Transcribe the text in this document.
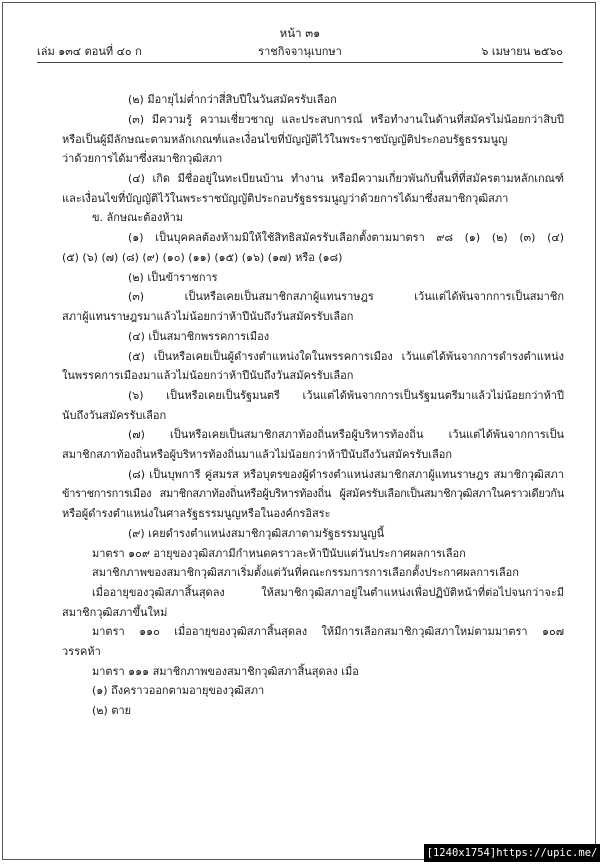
หน้า ๓๑
เล่ม ๑๓๔ ตอนที่ ๔๐ ก	ราชกิจจานุเบกษา	๖ เมษายน ๒๕๖๐
(๒) มีอายุไม่ต่ำกว่าสี่สิบปีในวันสมัครรับเลือก
(๓) มีความรู้ ความเชี่ยวชาญ และประสบการณ์ หรือทำงานในด้านที่สมัครไม่น้อยกว่าสิบปี
หรือเป็นผู้มีลักษณะตามหลักเกณฑ์และเงื่อนไขที่บัญญัติไว้ในพระราชบัญญัติประกอบรัฐธรรมนูญ
ว่าด้วยการได้มาซึ่งสมาชิกวุฒิสภา
(๔) เกิด มีชื่ออยู่ในทะเบียนบ้าน ทำงาน หรือมีความเกี่ยวพันกับพื้นที่ที่สมัครตามหลักเกณฑ์
และเงื่อนไขที่บัญญัติไว้ในพระราชบัญญัติประกอบรัฐธรรมนูญว่าด้วยการได้มาซึ่งสมาชิกวุฒิสภา
ข. ลักษณะต้องห้าม
(๑) เป็นบุคคลต้องห้ามมิให้ใช้สิทธิสมัครรับเลือกตั้งตามมาตรา ๙๘ (๑) (๒) (๓) (๔)
(๕) (๖) (๗) (๘) (๙) (๑๐) (๑๑) (๑๕) (๑๖) (๑๗) หรือ (๑๘)
(๒) เป็นข้าราชการ
(๓) เป็นหรือเคยเป็นสมาชิกสภาผู้แทนราษฎร เว้นแต่ได้พ้นจากการเป็นสมาชิก
สภาผู้แทนราษฎรมาแล้วไม่น้อยกว่าห้าปีนับถึงวันสมัครรับเลือก
(๔) เป็นสมาชิกพรรคการเมือง
(๕) เป็นหรือเคยเป็นผู้ดำรงตำแหน่งใดในพรรคการเมือง เว้นแต่ได้พ้นจากการดำรงตำแหน่ง
ในพรรคการเมืองมาแล้วไม่น้อยกว่าห้าปีนับถึงวันสมัครรับเลือก
(๖) เป็นหรือเคยเป็นรัฐมนตรี เว้นแต่ได้พ้นจากการเป็นรัฐมนตรีมาแล้วไม่น้อยกว่าห้าปี
นับถึงวันสมัครรับเลือก
(๗) เป็นหรือเคยเป็นสมาชิกสภาท้องถิ่นหรือผู้บริหารท้องถิ่น เว้นแต่ได้พ้นจากการเป็น
สมาชิกสภาท้องถิ่นหรือผู้บริหารท้องถิ่นมาแล้วไม่น้อยกว่าห้าปีนับถึงวันสมัครรับเลือก
(๘) เป็นบุพการี คู่สมรส หรือบุตรของผู้ดำรงตำแหน่งสมาชิกสภาผู้แทนราษฎร สมาชิกวุฒิสภา
ข้าราชการการเมือง สมาชิกสภาท้องถิ่นหรือผู้บริหารท้องถิ่น ผู้สมัครรับเลือกเป็นสมาชิกวุฒิสภาในคราวเดียวกัน
หรือผู้ดำรงตำแหน่งในศาลรัฐธรรมนูญหรือในองค์กรอิสระ
(๙) เคยดำรงตำแหน่งสมาชิกวุฒิสภาตามรัฐธรรมนูญนี้
มาตรา ๑๐๙ อายุของวุฒิสภามีกำหนดคราวละห้าปีนับแต่วันประกาศผลการเลือก
สมาชิกภาพของสมาชิกวุฒิสภาเริ่มตั้งแต่วันที่คณะกรรมการการเลือกตั้งประกาศผลการเลือก
เมื่ออายุของวุฒิสภาสิ้นสุดลง ให้สมาชิกวุฒิสภาอยู่ในตำแหน่งเพื่อปฏิบัติหน้าที่ต่อไปจนกว่าจะมี
สมาชิกวุฒิสภาขึ้นใหม่
มาตรา ๑๑๐ เมื่ออายุของวุฒิสภาสิ้นสุดลง ให้มีการเลือกสมาชิกวุฒิสภาใหม่ตามมาตรา ๑๐๗
วรรคห้า
มาตรา ๑๑๑ สมาชิกภาพของสมาชิกวุฒิสภาสิ้นสุดลง เมื่อ
(๑) ถึงคราวออกตามอายุของวุฒิสภา
(๒) ตาย
[1240x1754]https://upic.me/
